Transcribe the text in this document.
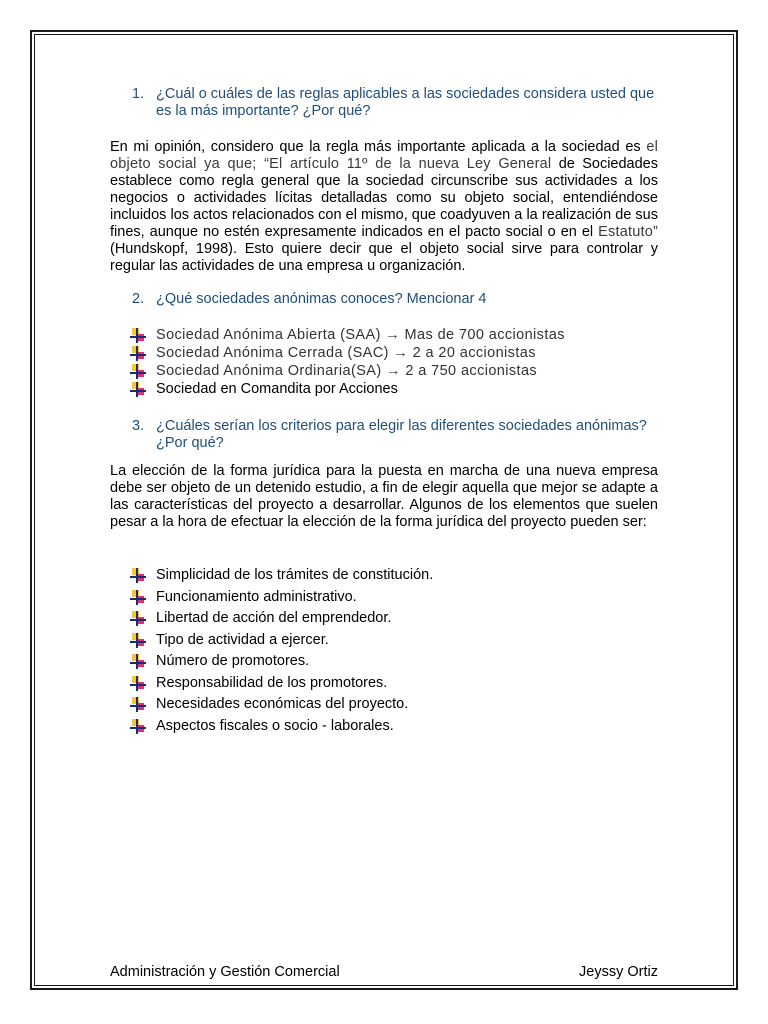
1. ¿Cuál o cuáles de las reglas aplicables a las sociedades considera usted que es la más importante? ¿Por qué?
En mi opinión, considero que la regla más importante aplicada a la sociedad es el objeto social ya que; “El artículo 11º de la nueva Ley General de Sociedades establece como regla general que la sociedad circunscribe sus actividades a los negocios o actividades lícitas detalladas como su objeto social, entendiéndose incluidos los actos relacionados con el mismo, que coadyuven a la realización de sus fines, aunque no estén expresamente indicados en el pacto social o en el Estatuto” (Hundskopf, 1998). Esto quiere decir que el objeto social sirve para controlar y regular las actividades de una empresa u organización.
2. ¿Qué sociedades anónimas conoces? Mencionar 4
Sociedad Anónima Abierta (SAA) → Mas de 700 accionistas
Sociedad Anónima Cerrada (SAC) → 2 a 20 accionistas
Sociedad Anónima Ordinaria(SA) → 2 a 750 accionistas
Sociedad en Comandita por Acciones
3. ¿Cuáles serían los criterios para elegir las diferentes sociedades anónimas? ¿Por qué?
La elección de la forma jurídica para la puesta en marcha de una nueva empresa debe ser objeto de un detenido estudio, a fin de elegir aquella que mejor se adapte a las características del proyecto a desarrollar. Algunos de los elementos que suelen pesar a la hora de efectuar la elección de la forma jurídica del proyecto pueden ser:
Simplicidad de los trámites de constitución.
Funcionamiento administrativo.
Libertad de acción del emprendedor.
Tipo de actividad a ejercer.
Número de promotores.
Responsabilidad de los promotores.
Necesidades económicas del proyecto.
Aspectos fiscales o socio - laborales.
Administración y Gestión Comercial	Jeyssy Ortiz
